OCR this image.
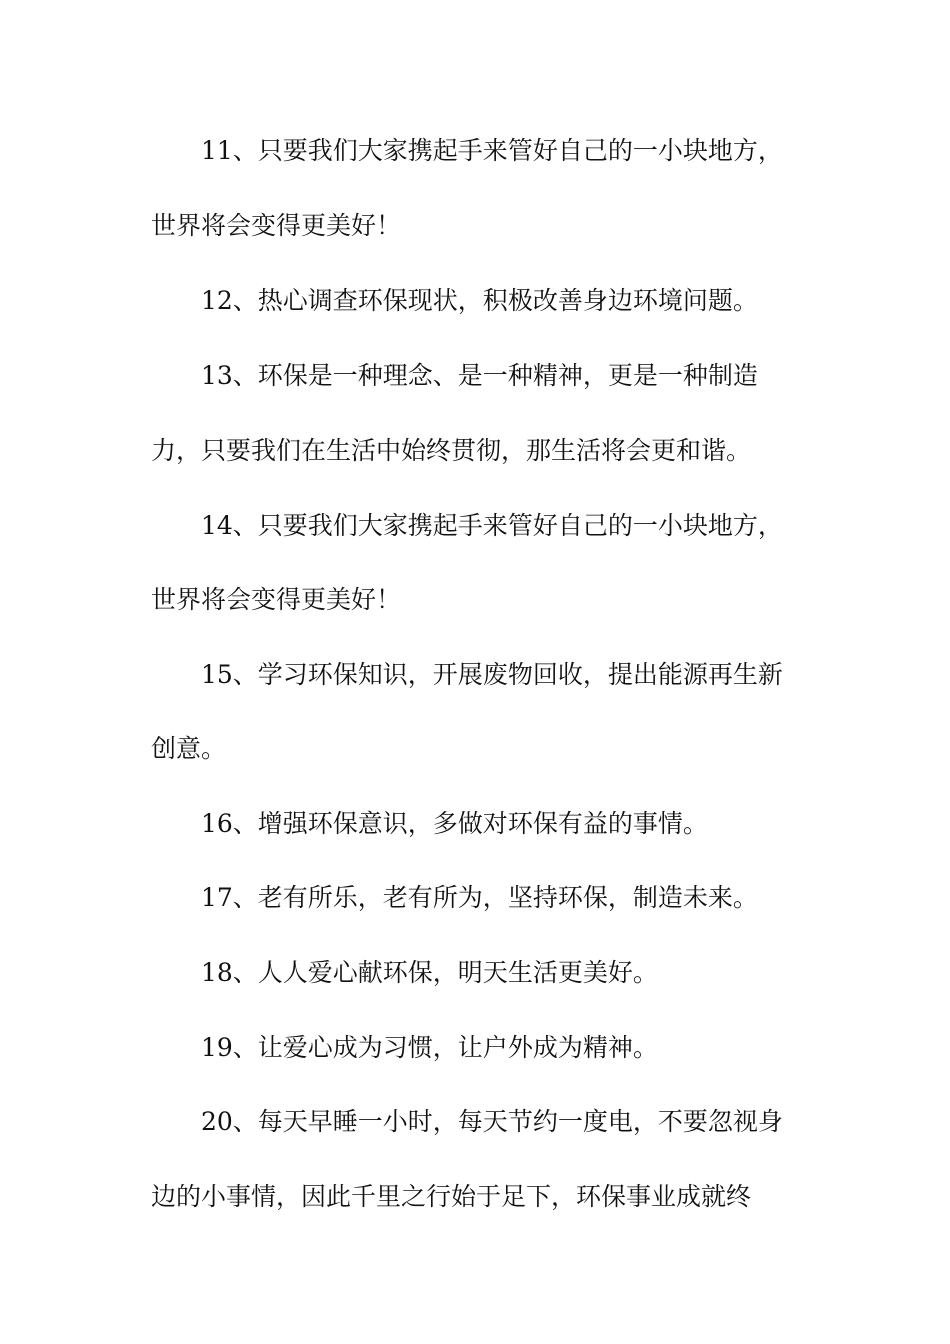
11、只要我们大家携起手来管好自己的一小块地方，
世界将会变得更美好！
12、热心调查环保现状，积极改善身边环境问题。
13、环保是一种理念、是一种精神，更是一种制造
力，只要我们在生活中始终贯彻，那生活将会更和谐。
14、只要我们大家携起手来管好自己的一小块地方，
世界将会变得更美好！
15、学习环保知识，开展废物回收，提出能源再生新
创意。
16、增强环保意识，多做对环保有益的事情。
17、老有所乐，老有所为，坚持环保，制造未来。
18、人人爱心献环保，明天生活更美好。
19、让爱心成为习惯，让户外成为精神。
20、每天早睡一小时，每天节约一度电，不要忽视身
边的小事情，因此千里之行始于足下，环保事业成就终
